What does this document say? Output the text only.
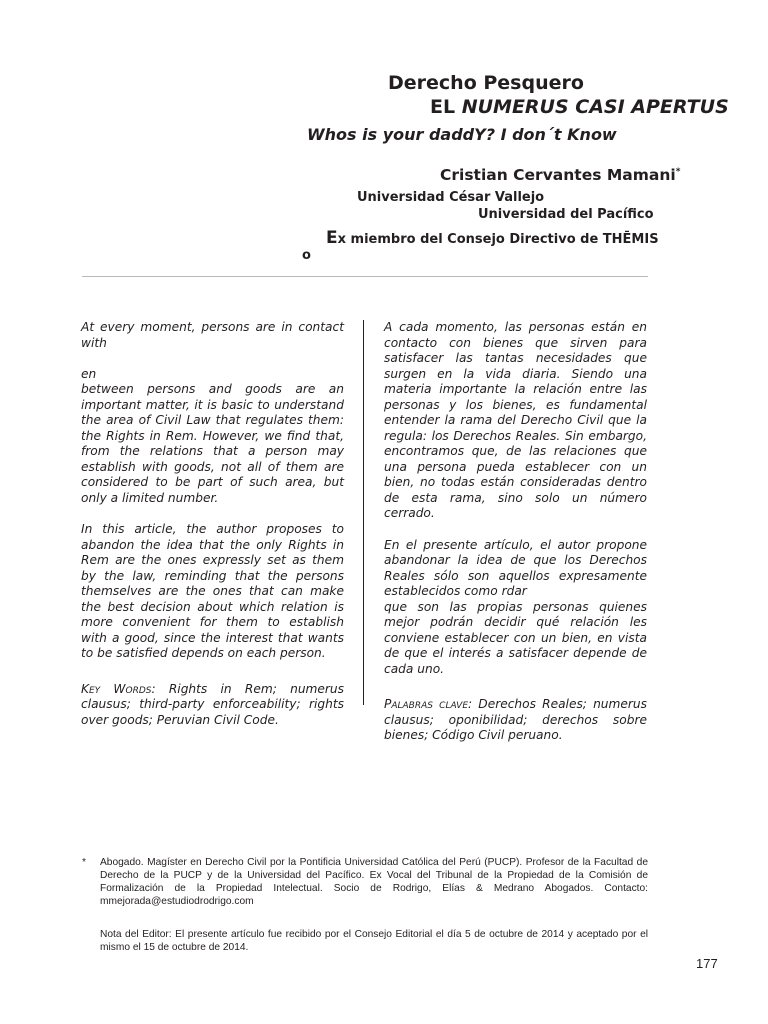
Derecho Pesquero
EL NUMERUS CASI APERTUS
Whos is your daddY? I don´t Know
Cristian Cervantes Mamani*
Universidad César Vallejo
Universidad del Pacífico
Ex miembro del Consejo Directivo de THĒMIS
o

At every moment, persons are in contact with

en
between persons and goods are an important matter, it is basic to understand the area of Civil Law that regulates them: the Rights in Rem. However, we find that, from the relations that a person may establish with goods, not all of them are considered to be part of such area, but only a limited number.

In this article, the author proposes to abandon the idea that the only Rights in Rem are the ones expressly set as them by the law, reminding that the persons themselves are the ones that can make the best decision about which relation is more convenient for them to establish with a good, since the interest that wants to be satisfied depends on each person.

Key Words: Rights in Rem; numerus clausus; third-party enforceability; rights over goods; Peruvian Civil Code.

A cada momento, las personas están en contacto con bienes que sirven para satisfacer las tantas necesidades que surgen en la vida diaria. Siendo una materia importante la relación entre las personas y los bienes, es fundamental entender la rama del Derecho Civil que la regula: los Derechos Reales. Sin embargo, encontramos que, de las relaciones que una persona pueda establecer con un bien, no todas están consideradas dentro de esta rama, sino solo un número cerrado.

En el presente artículo, el autor propone abandonar la idea de que los Derechos Reales sólo son aquellos expresamente establecidos como rdar
que son las propias personas quienes mejor podrán decidir qué relación les conviene establecer con un bien, en vista de que el interés a satisfacer depende de cada uno.

Palabras clave: Derechos Reales; numerus clausus; oponibilidad; derechos sobre bienes; Código Civil peruano.

* Abogado. Magíster en Derecho Civil por la Pontificia Universidad Católica del Perú (PUCP). Profesor de la Facultad de Derecho de la PUCP y de la Universidad del Pacífico. Ex Vocal del Tribunal de la Propiedad de la Comisión de Formalización de la Propiedad Intelectual. Socio de Rodrigo, Elías & Medrano Abogados. Contacto: mmejorada@estudiodrodrigo.com
Nota del Editor: El presente artículo fue recibido por el Consejo Editorial el día 5 de octubre de 2014 y aceptado por el mismo el 15 de octubre de 2014.
177
